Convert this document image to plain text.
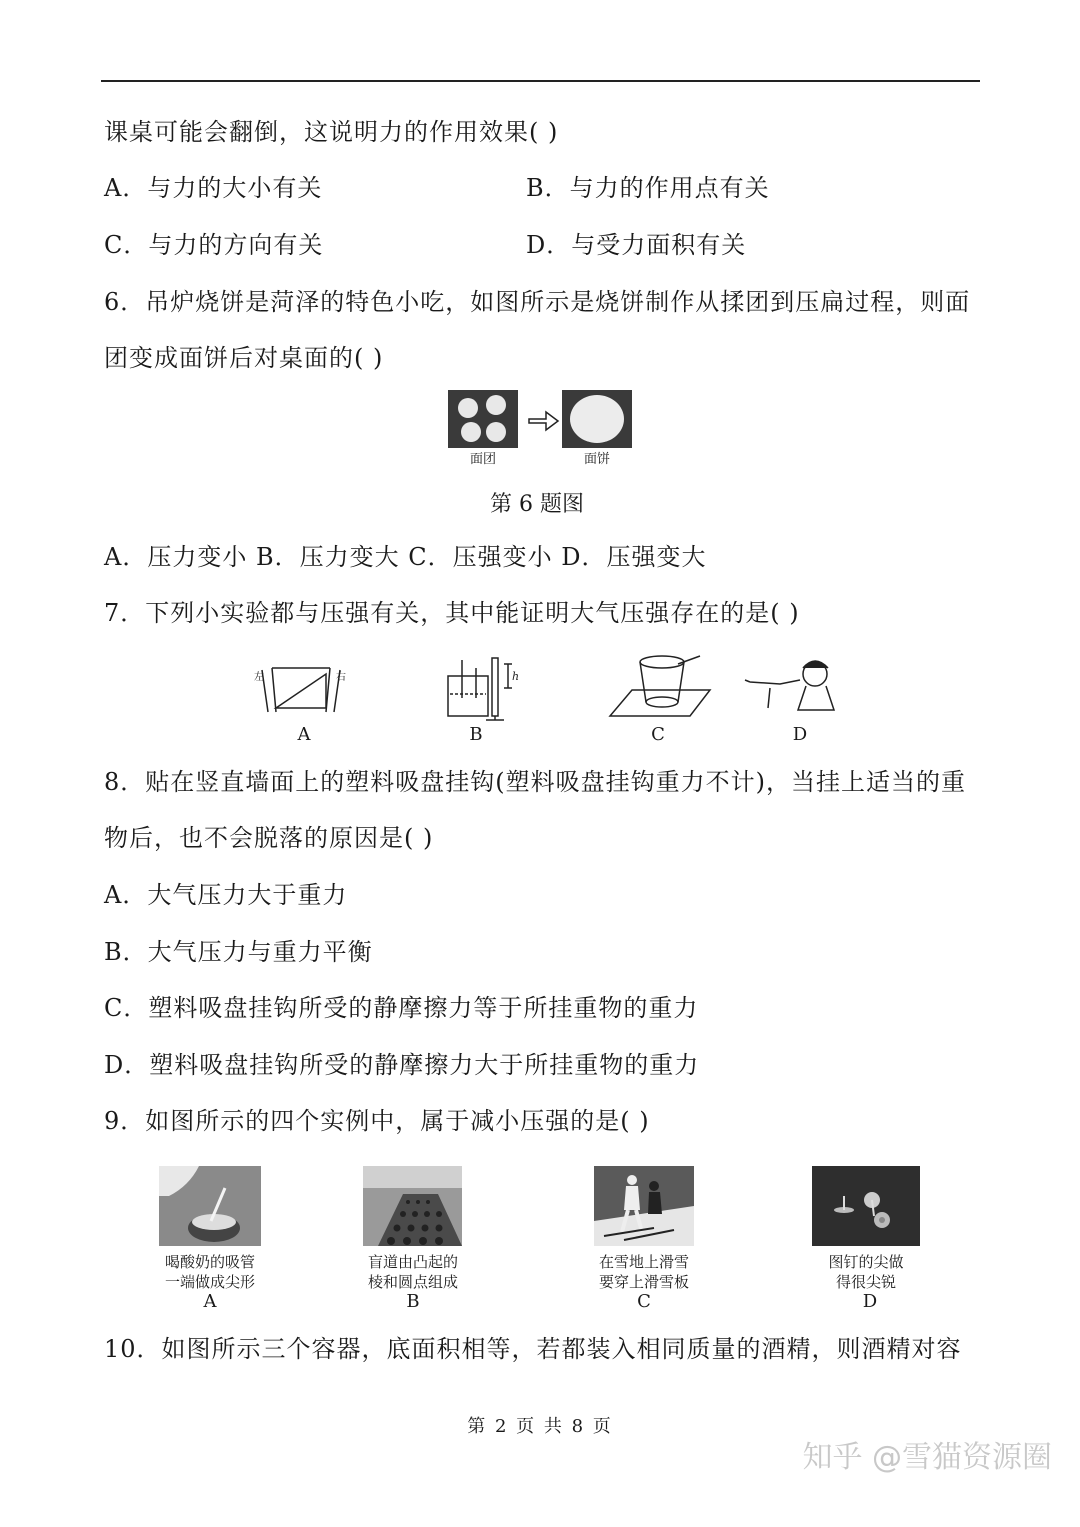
课桌可能会翻倒，这说明力的作用效果( )
A．与力的大小有关	B．与力的作用点有关
C．与力的方向有关	D．与受力面积有关
6．吊炉烧饼是菏泽的特色小吃，如图所示是烧饼制作从揉团到压扁过程，则面
团变成面饼后对桌面的( )
面团	面饼
第 6 题图
A．压力变小 B．压力变大 C．压强变小 D．压强变大
7．下列小实验都与压强有关，其中能证明大气压强存在的是( )
左	右	h
A	B	C	D
8．贴在竖直墙面上的塑料吸盘挂钩(塑料吸盘挂钩重力不计)，当挂上适当的重
物后，也不会脱落的原因是( )
A．大气压力大于重力
B．大气压力与重力平衡
C．塑料吸盘挂钩所受的静摩擦力等于所挂重物的重力
D．塑料吸盘挂钩所受的静摩擦力大于所挂重物的重力
9．如图所示的四个实例中，属于减小压强的是( )
喝酸奶的吸管
一端做成尖形
盲道由凸起的
棱和圆点组成
在雪地上滑雪
要穿上滑雪板
图钉的尖做
得很尖锐
A	B	C	D
10．如图所示三个容器，底面积相等，若都装入相同质量的酒精，则酒精对容
第 2 页 共 8 页
知乎 @雪猫资源圈
